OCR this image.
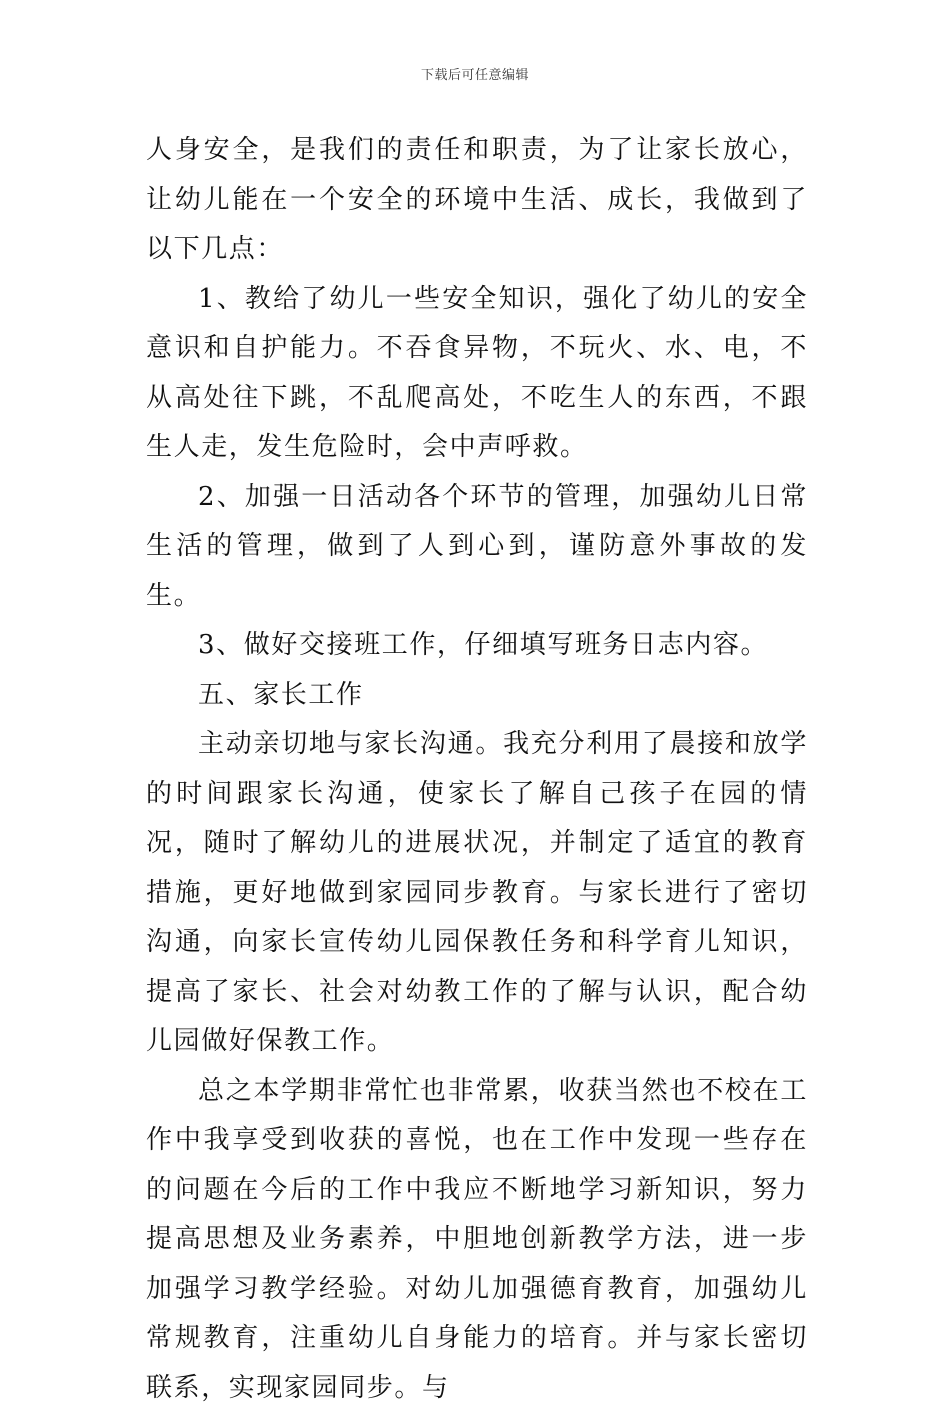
下载后可任意编辑

人身安全，是我们的责任和职责，为了让家长放心，让幼儿能在一个安全的环境中生活、成长，我做到了以下几点：

1、教给了幼儿一些安全知识，强化了幼儿的安全意识和自护能力。不吞食异物，不玩火、水、电，不从高处往下跳，不乱爬高处，不吃生人的东西，不跟生人走，发生危险时，会中声呼救。

2、加强一日活动各个环节的管理，加强幼儿日常生活的管理，做到了人到心到，谨防意外事故的发生。

3、做好交接班工作，仔细填写班务日志内容。

五、家长工作

主动亲切地与家长沟通。我充分利用了晨接和放学的时间跟家长沟通，使家长了解自己孩子在园的情况，随时了解幼儿的进展状况，并制定了适宜的教育措施，更好地做到家园同步教育。与家长进行了密切沟通，向家长宣传幼儿园保教任务和科学育儿知识，提高了家长、社会对幼教工作的了解与认识，配合幼儿园做好保教工作。

总之本学期非常忙也非常累，收获当然也不校在工作中我享受到收获的喜悦，也在工作中发现一些存在的问题在今后的工作中我应不断地学习新知识，努力提高思想及业务素养，中胆地创新教学方法，进一步加强学习教学经验。对幼儿加强德育教育，加强幼儿常规教育，注重幼儿自身能力的培育。并与家长密切联系，实现家园同步。与
